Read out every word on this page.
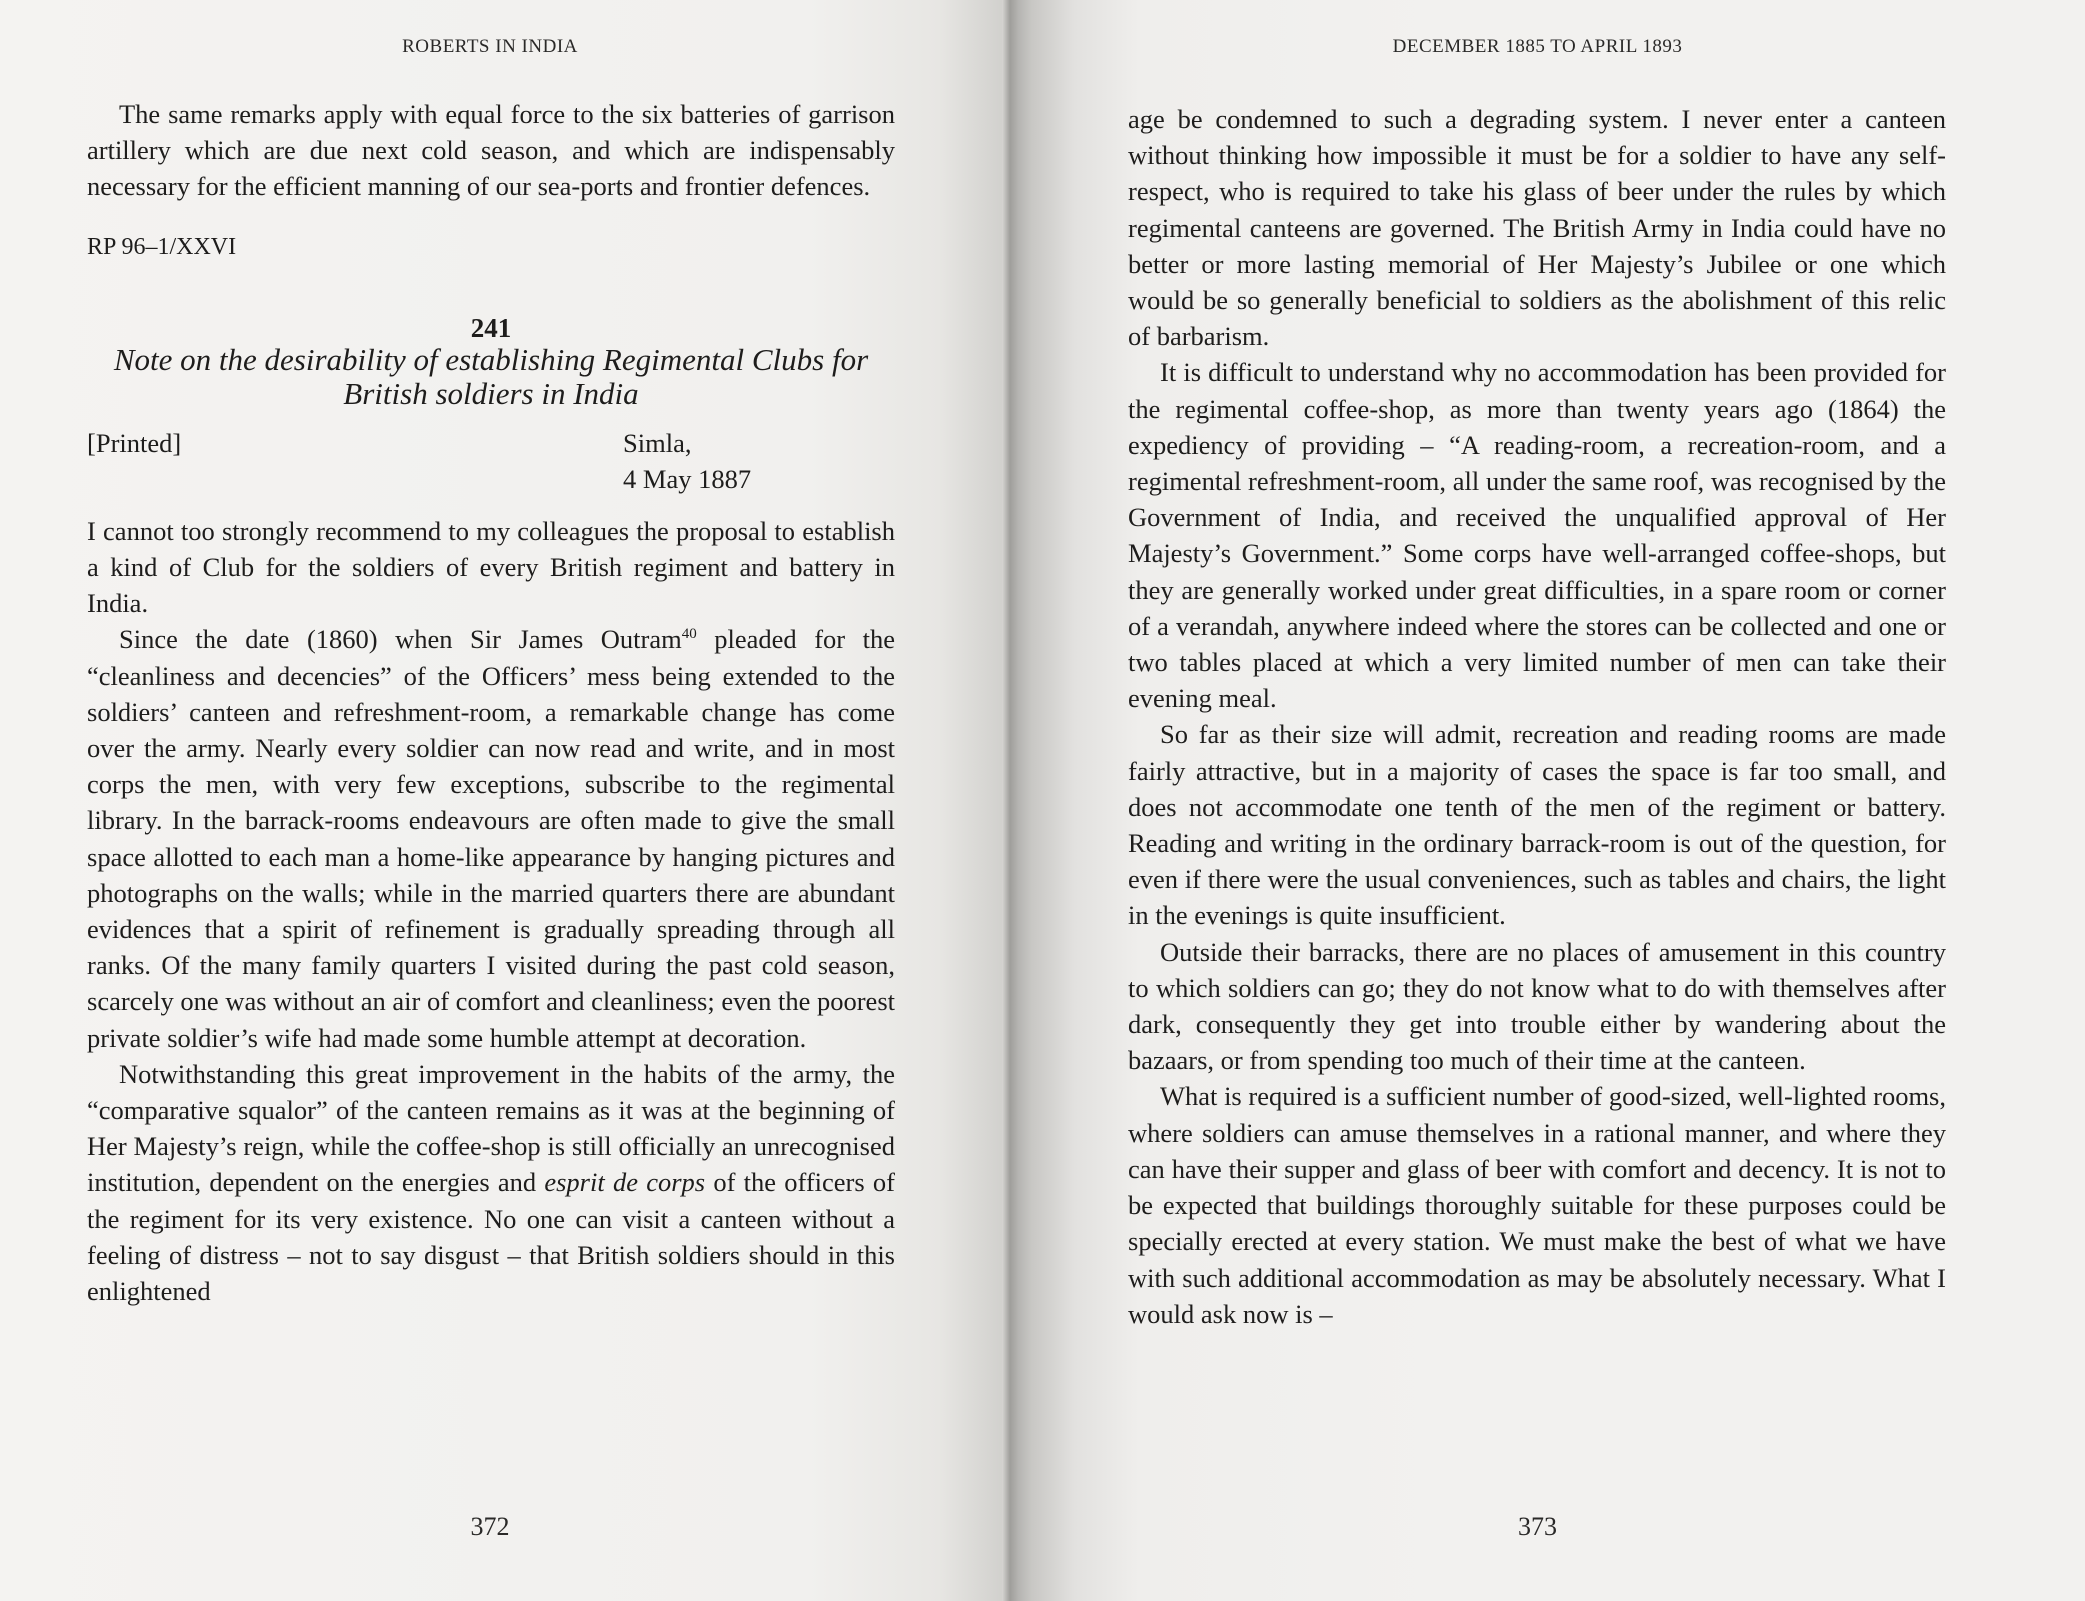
ROBERTS IN INDIA

The same remarks apply with equal force to the six batteries of garrison artillery which are due next cold season, and which are indispensably necessary for the efficient manning of our sea-ports and frontier defences.

RP 96–1/XXVI

241

Note on the desirability of establishing Regimental Clubs for British soldiers in India

[Printed]	Simla,
4 May 1887

I cannot too strongly recommend to my colleagues the proposal to establish a kind of Club for the soldiers of every British regiment and battery in India.

Since the date (1860) when Sir James Outram$^{40}$ pleaded for the “cleanliness and decencies” of the Officers’ mess being extended to the soldiers’ canteen and refreshment-room, a remarkable change has come over the army. Nearly every soldier can now read and write, and in most corps the men, with very few exceptions, subscribe to the regimental library. In the barrack-rooms endeavours are often made to give the small space allotted to each man a home-like appearance by hanging pictures and photographs on the walls; while in the married quarters there are abundant evidences that a spirit of refinement is gradually spreading through all ranks. Of the many family quarters I visited during the past cold season, scarcely one was without an air of comfort and cleanliness; even the poorest private soldier’s wife had made some humble attempt at decoration.

Notwithstanding this great improvement in the habits of the army, the “comparative squalor” of the canteen remains as it was at the beginning of Her Majesty’s reign, while the coffee-shop is still officially an unrecognised institution, dependent on the energies and esprit de corps of the officers of the regiment for its very existence. No one can visit a canteen without a feeling of distress – not to say disgust – that British soldiers should in this enlightened

372
DECEMBER 1885 TO APRIL 1893

age be condemned to such a degrading system. I never enter a canteen without thinking how impossible it must be for a soldier to have any self-respect, who is required to take his glass of beer under the rules by which regimental canteens are governed. The British Army in India could have no better or more lasting memorial of Her Majesty’s Jubilee or one which would be so generally beneficial to soldiers as the abolishment of this relic of barbarism.

It is difficult to understand why no accommodation has been provided for the regimental coffee-shop, as more than twenty years ago (1864) the expediency of providing – “A reading-room, a recreation-room, and a regimental refreshment-room, all under the same roof, was recognised by the Government of India, and received the unqualified approval of Her Majesty’s Government.” Some corps have well-arranged coffee-shops, but they are generally worked under great difficulties, in a spare room or corner of a verandah, anywhere indeed where the stores can be collected and one or two tables placed at which a very limited number of men can take their evening meal.

So far as their size will admit, recreation and reading rooms are made fairly attractive, but in a majority of cases the space is far too small, and does not accommodate one tenth of the men of the regiment or battery. Reading and writing in the ordinary barrack-room is out of the question, for even if there were the usual conveniences, such as tables and chairs, the light in the evenings is quite insufficient.

Outside their barracks, there are no places of amusement in this country to which soldiers can go; they do not know what to do with themselves after dark, consequently they get into trouble either by wandering about the bazaars, or from spending too much of their time at the canteen.

What is required is a sufficient number of good-sized, well-lighted rooms, where soldiers can amuse themselves in a rational manner, and where they can have their supper and glass of beer with comfort and decency. It is not to be expected that buildings thoroughly suitable for these purposes could be specially erected at every station. We must make the best of what we have with such additional accommodation as may be absolutely necessary. What I would ask now is –

373
